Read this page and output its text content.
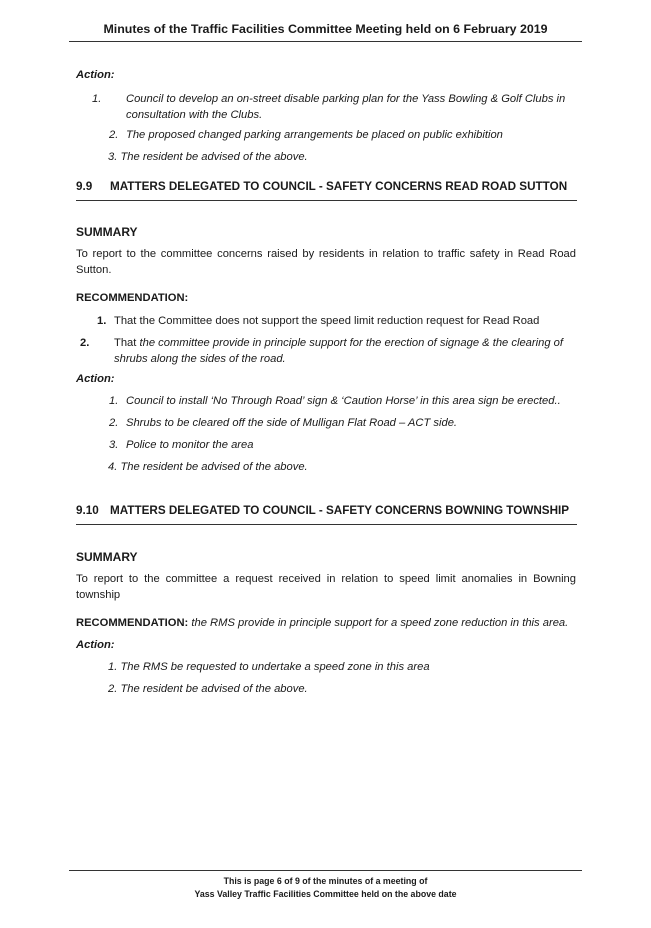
Minutes of the Traffic Facilities Committee Meeting held on 6 February 2019
Action:
1. Council to develop an on-street disable parking plan for the Yass Bowling & Golf Clubs in consultation with the Clubs.
2. The proposed changed parking arrangements be placed on public exhibition
3. The resident be advised of the above.
SUMMARY
To report to the committee concerns raised by residents in relation to traffic safety in Read Road Sutton.
RECOMMENDATION:
1. That the Committee does not support the speed limit reduction request for Read Road
2. That the committee provide in principle support for the erection of signage & the clearing of shrubs along the sides of the road.
Action:
1. Council to install ‘No Through Road’ sign & ‘Caution Horse’ in this area sign be erected..
2. Shrubs to be cleared off the side of Mulligan Flat Road – ACT side.
3. Police to monitor the area
4. The resident be advised of the above.
SUMMARY
To report to the committee a request received in relation to speed limit anomalies in Bowning township
RECOMMENDATION: the RMS provide in principle support for a speed zone reduction in this area.
Action:
1. The RMS be requested to undertake a speed zone in this area
2. The resident be advised of the above.
9.9 MATTERS DELEGATED TO COUNCIL - SAFETY CONCERNS READ ROAD SUTTON
9.10 MATTERS DELEGATED TO COUNCIL - SAFETY CONCERNS BOWNING TOWNSHIP
This is page 6 of 9 of the minutes of a meeting of
Yass Valley Traffic Facilities Committee held on the above date
